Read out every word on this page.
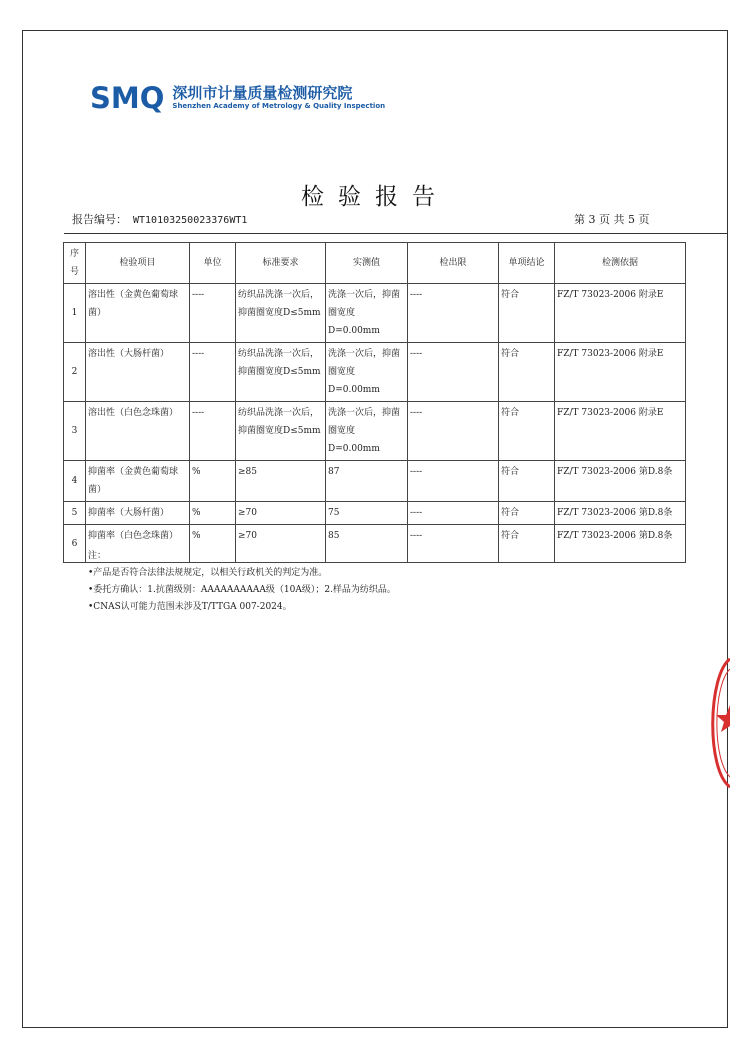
SMQ 深圳市计量质量检测研究院
Shenzhen Academy of Metrology & Quality Inspection
检验报告
报告编号： WT10103250023376WT1	第 3 页 共 5 页
序号	检验项目	单位	标准要求	实测值	检出限	单项结论	检测依据
1	溶出性（金黄色葡萄球菌）	----	纺织品洗涤一次后，抑菌圈宽度D≤5mm	洗涤一次后，抑菌圈宽度D=0.00mm	----	符合	FZ/T 73023-2006 附录E
2	溶出性（大肠杆菌）	----	纺织品洗涤一次后，抑菌圈宽度D≤5mm	洗涤一次后，抑菌圈宽度D=0.00mm	----	符合	FZ/T 73023-2006 附录E
3	溶出性（白色念珠菌）	----	纺织品洗涤一次后，抑菌圈宽度D≤5mm	洗涤一次后，抑菌圈宽度D=0.00mm	----	符合	FZ/T 73023-2006 附录E
4	抑菌率（金黄色葡萄球菌）	%	≥85	87	----	符合	FZ/T 73023-2006 第D.8条
5	抑菌率（大肠杆菌）	%	≥70	75	----	符合	FZ/T 73023-2006 第D.8条
6	抑菌率（白色念珠菌）	%	≥70	85	----	符合	FZ/T 73023-2006 第D.8条
注：
•产品是否符合法律法规规定，以相关行政机关的判定为准。
•委托方确认：1.抗菌级别：AAAAAAAAAA级（10A级）；2.样品为纺织品。
•CNAS认可能力范围未涉及T/TTGA 007-2024。
